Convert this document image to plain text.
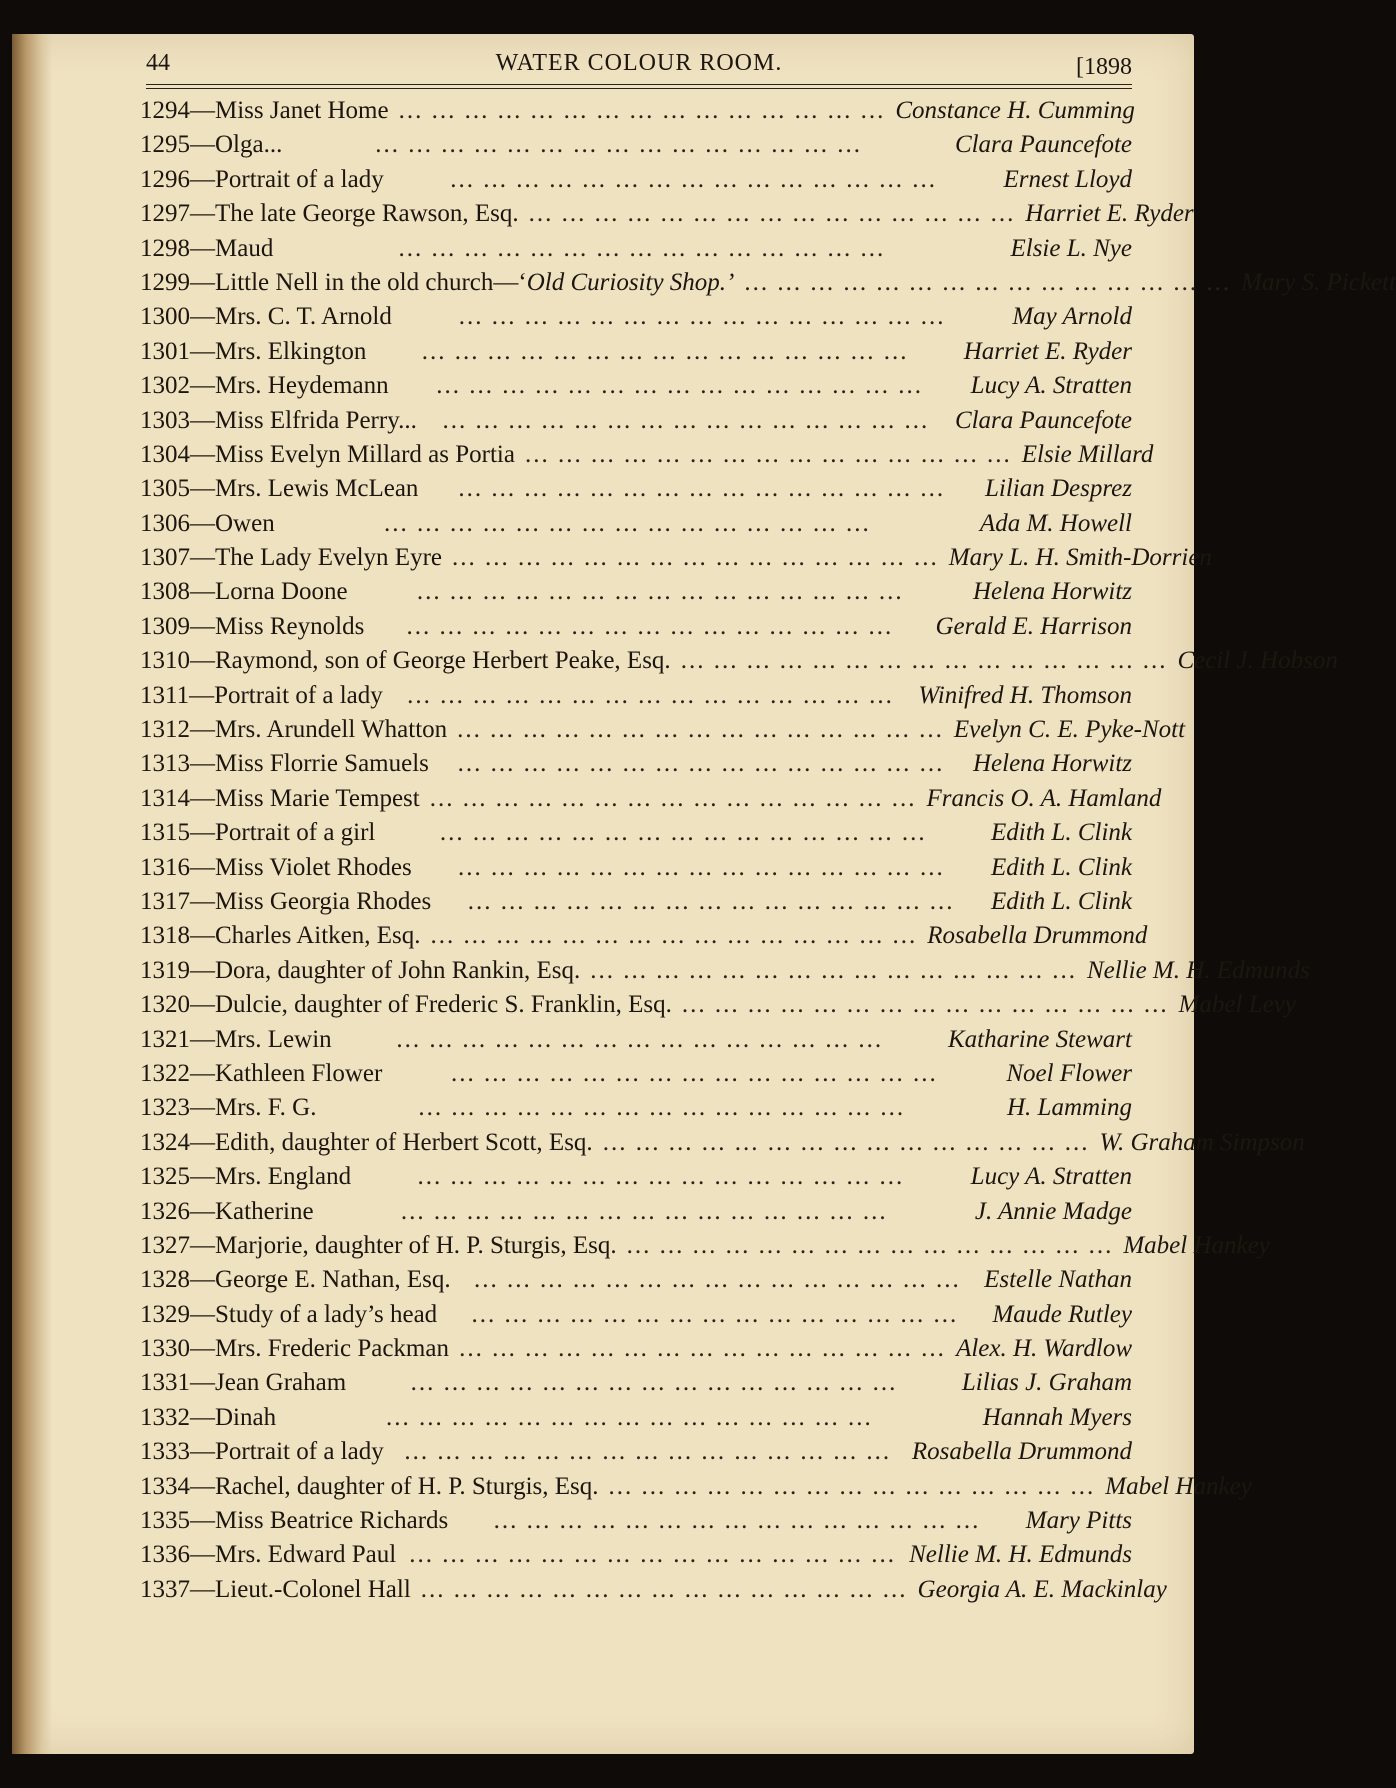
44	WATER COLOUR ROOM.	[1898
1294 — Miss Janet Home ... ... ... ... ... ... ... ... ... ... ... ... ... ... ... Constance H. Cumming
1295 — Olga...	... ... ... ... ... ... ... ... ... ... ... ... ... ... ...	Clara Pauncefote
1296 — Portrait of a lady	... ... ... ... ... ... ... ... ... ... ... ... ... ... ...	Ernest Lloyd
1297 — The late George Rawson, Esq. ... ... ... ... ... ... ... ... ... ... ... ... ... ... ... Harriet E. Ryder
1298 — Maud	... ... ... ... ... ... ... ... ... ... ... ... ... ... ...	Elsie L. Nye
1299 — Little Nell in the old church—‘ Old Curiosity Shop.’ ... ... ... ... ... ... ... ... ... ... ... ... ... ... ... Mary S. Pickett
1300 — Mrs. C. T. Arnold	... ... ... ... ... ... ... ... ... ... ... ... ... ... ...	May Arnold
1301 — Mrs. Elkington	... ... ... ... ... ... ... ... ... ... ... ... ... ... ...	Harriet E. Ryder
1302 — Mrs. Heydemann	... ... ... ... ... ... ... ... ... ... ... ... ... ... ...	Lucy A. Stratten
1303 — Miss Elfrida Perry...	... ... ... ... ... ... ... ... ... ... ... ... ... ... ...	Clara Pauncefote
1304 — Miss Evelyn Millard as Portia ... ... ... ... ... ... ... ... ... ... ... ... ... ... ... Elsie Millard
1305 — Mrs. Lewis McLean	... ... ... ... ... ... ... ... ... ... ... ... ... ... ...	Lilian Desprez
1306 — Owen	... ... ... ... ... ... ... ... ... ... ... ... ... ... ...	Ada M. Howell
1307 — The Lady Evelyn Eyre ... ... ... ... ... ... ... ... ... ... ... ... ... ... ... Mary L. H. Smith-Dorrien
1308 — Lorna Doone	... ... ... ... ... ... ... ... ... ... ... ... ... ... ...	Helena Horwitz
1309 — Miss Reynolds	... ... ... ... ... ... ... ... ... ... ... ... ... ... ...	Gerald E. Harrison
1310 — Raymond, son of George Herbert Peake, Esq. ... ... ... ... ... ... ... ... ... ... ... ... ... ... ... Cecil J. Hobson
1311 — Portrait of a lady ... ... ... ... ... ... ... ... ... ... ... ... ... ... ... Winifred H. Thomson
1312 — Mrs. Arundell Whatton ... ... ... ... ... ... ... ... ... ... ... ... ... ... ... Evelyn C. E. Pyke-Nott
1313 — Miss Florrie Samuels	... ... ... ... ... ... ... ... ... ... ... ... ... ... ...	Helena Horwitz
1314 — Miss Marie Tempest ... ... ... ... ... ... ... ... ... ... ... ... ... ... ... Francis O. A. Hamland
1315 — Portrait of a girl	... ... ... ... ... ... ... ... ... ... ... ... ... ... ...	Edith L. Clink
1316 — Miss Violet Rhodes	... ... ... ... ... ... ... ... ... ... ... ... ... ... ...	Edith L. Clink
1317 — Miss Georgia Rhodes	... ... ... ... ... ... ... ... ... ... ... ... ... ... ...	Edith L. Clink
1318 — Charles Aitken, Esq. ... ... ... ... ... ... ... ... ... ... ... ... ... ... ... Rosabella Drummond
1319 — Dora, daughter of John Rankin, Esq. ... ... ... ... ... ... ... ... ... ... ... ... ... ... ... Nellie M. H. Edmunds
1320 — Dulcie, daughter of Frederic S. Franklin, Esq. ... ... ... ... ... ... ... ... ... ... ... ... ... ... ... Mabel Levy
1321 — Mrs. Lewin	... ... ... ... ... ... ... ... ... ... ... ... ... ... ...	Katharine Stewart
1322 — Kathleen Flower	... ... ... ... ... ... ... ... ... ... ... ... ... ... ...	Noel Flower
1323 — Mrs. F. G.	... ... ... ... ... ... ... ... ... ... ... ... ... ... ...	H. Lamming
1324 — Edith, daughter of Herbert Scott, Esq. ... ... ... ... ... ... ... ... ... ... ... ... ... ... ... W. Graham Simpson
1325 — Mrs. England	... ... ... ... ... ... ... ... ... ... ... ... ... ... ...	Lucy A. Stratten
1326 — Katherine	... ... ... ... ... ... ... ... ... ... ... ... ... ... ...	J. Annie Madge
1327 — Marjorie, daughter of H. P. Sturgis, Esq. ... ... ... ... ... ... ... ... ... ... ... ... ... ... ... Mabel Hankey
1328 — George E. Nathan, Esq. ... ... ... ... ... ... ... ... ... ... ... ... ... ... ... Estelle Nathan
1329 — Study of a lady’s head	... ... ... ... ... ... ... ... ... ... ... ... ... ... ...	Maude Rutley
1330 — Mrs. Frederic Packman ... ... ... ... ... ... ... ... ... ... ... ... ... ... ... Alex. H. Wardlow
1331 — Jean Graham	... ... ... ... ... ... ... ... ... ... ... ... ... ... ...	Lilias J. Graham
1332 — Dinah	... ... ... ... ... ... ... ... ... ... ... ... ... ... ...	Hannah Myers
1333 — Portrait of a lady ... ... ... ... ... ... ... ... ... ... ... ... ... ... ... Rosabella Drummond
1334 — Rachel, daughter of H. P. Sturgis, Esq. ... ... ... ... ... ... ... ... ... ... ... ... ... ... ... Mabel Hankey
1335 — Miss Beatrice Richards	... ... ... ... ... ... ... ... ... ... ... ... ... ... ...	Mary Pitts
1336 — Mrs. Edward Paul ... ... ... ... ... ... ... ... ... ... ... ... ... ... ... Nellie M. H. Edmunds
1337 — Lieut.-Colonel Hall ... ... ... ... ... ... ... ... ... ... ... ... ... ... ... Georgia A. E. Mackinlay
